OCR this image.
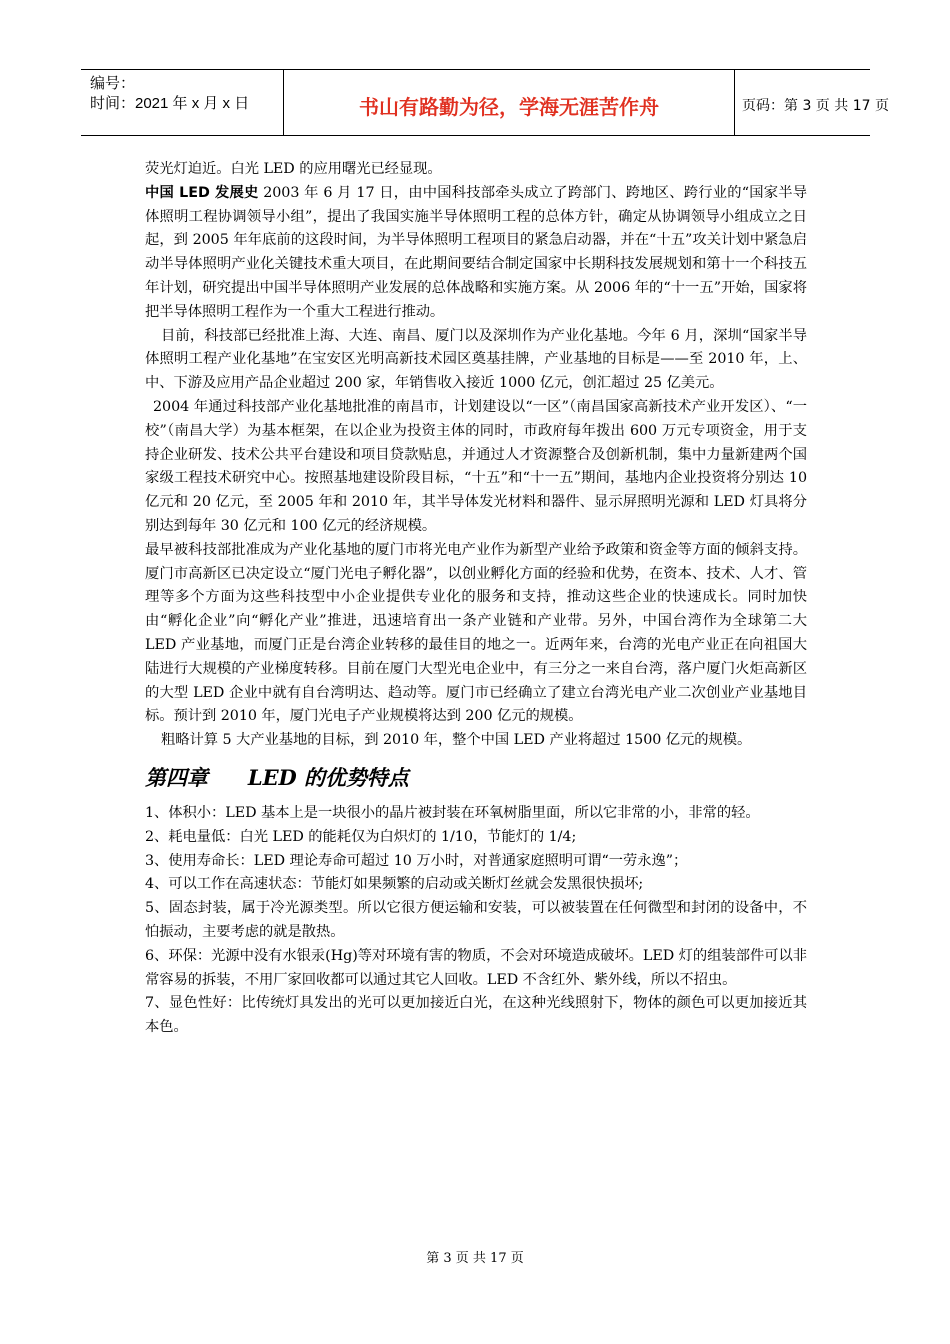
编号：
时间：2021 年 x 月 x 日	书山有路勤为径，学海无涯苦作舟	页码：第 3 页 共 17 页

荧光灯迫近。白光 LED 的应用曙光已经显现。

中国 LED 发展史 2003 年 6 月 17 日，由中国科技部牵头成立了跨部门、跨地区、跨行业的“国家半导体照明工程协调领导小组”，提出了我国实施半导体照明工程的总体方针，确定从协调领导小组成立之日起，到 2005 年年底前的这段时间，为半导体照明工程项目的紧急启动器，并在“十五”攻关计划中紧急启动半导体照明产业化关键技术重大项目，在此期间要结合制定国家中长期科技发展规划和第十一个科技五年计划，研究提出中国半导体照明产业发展的总体战略和实施方案。从 2006 年的“十一五”开始，国家将把半导体照明工程作为一个重大工程进行推动。

目前，科技部已经批准上海、大连、南昌、厦门以及深圳作为产业化基地。今年 6 月，深圳“国家半导体照明工程产业化基地”在宝安区光明高新技术园区奠基挂牌，产业基地的目标是——至 2010 年，上、中、下游及应用产品企业超过 200 家，年销售收入接近 1000 亿元，创汇超过 25 亿美元。

2004 年通过科技部产业化基地批准的南昌市，计划建设以“一区”（南昌国家高新技术产业开发区）、“一校”（南昌大学）为基本框架，在以企业为投资主体的同时，市政府每年拨出 600 万元专项资金，用于支持企业研发、技术公共平台建设和项目贷款贴息，并通过人才资源整合及创新机制，集中力量新建两个国家级工程技术研究中心。按照基地建设阶段目标，“十五”和“十一五”期间，基地内企业投资将分别达 10 亿元和 20 亿元，至 2005 年和 2010 年，其半导体发光材料和器件、显示屏照明光源和 LED 灯具将分别达到每年 30 亿元和 100 亿元的经济规模。

最早被科技部批准成为产业化基地的厦门市将光电产业作为新型产业给予政策和资金等方面的倾斜支持。厦门市高新区已决定设立“厦门光电子孵化器”，以创业孵化方面的经验和优势，在资本、技术、人才、管理等多个方面为这些科技型中小企业提供专业化的服务和支持，推动这些企业的快速成长。同时加快由“孵化企业”向“孵化产业”推进，迅速培育出一条产业链和产业带。另外，中国台湾作为全球第二大 LED 产业基地，而厦门正是台湾企业转移的最佳目的地之一。近两年来，台湾的光电产业正在向祖国大陆进行大规模的产业梯度转移。目前在厦门大型光电企业中，有三分之一来自台湾，落户厦门火炬高新区的大型 LED 企业中就有自台湾明达、趋动等。厦门市已经确立了建立台湾光电产业二次创业产业基地目标。预计到 2010 年，厦门光电子产业规模将达到 200 亿元的规模。

粗略计算 5 大产业基地的目标，到 2010 年，整个中国 LED 产业将超过 1500 亿元的规模。

第四章 LED 的优势特点

1、体积小：LED 基本上是一块很小的晶片被封装在环氧树脂里面，所以它非常的小，非常的轻。

2、耗电量低：白光 LED 的能耗仅为白炽灯的 1/10，节能灯的 1/4;

3、使用寿命长：LED 理论寿命可超过 10 万小时，对普通家庭照明可谓“一劳永逸”；

4、可以工作在高速状态：节能灯如果频繁的启动或关断灯丝就会发黑很快损坏;

5、固态封装，属于冷光源类型。所以它很方便运输和安装，可以被装置在任何微型和封闭的设备中，不怕振动，主要考虑的就是散热。

6、环保：光源中没有水银汞(Hg)等对环境有害的物质，不会对环境造成破坏。LED 灯的组装部件可以非常容易的拆装，不用厂家回收都可以通过其它人回收。LED 不含红外、紫外线，所以不招虫。

7、显色性好：比传统灯具发出的光可以更加接近白光，在这种光线照射下，物体的颜色可以更加接近其本色。

第 3 页 共 17 页
